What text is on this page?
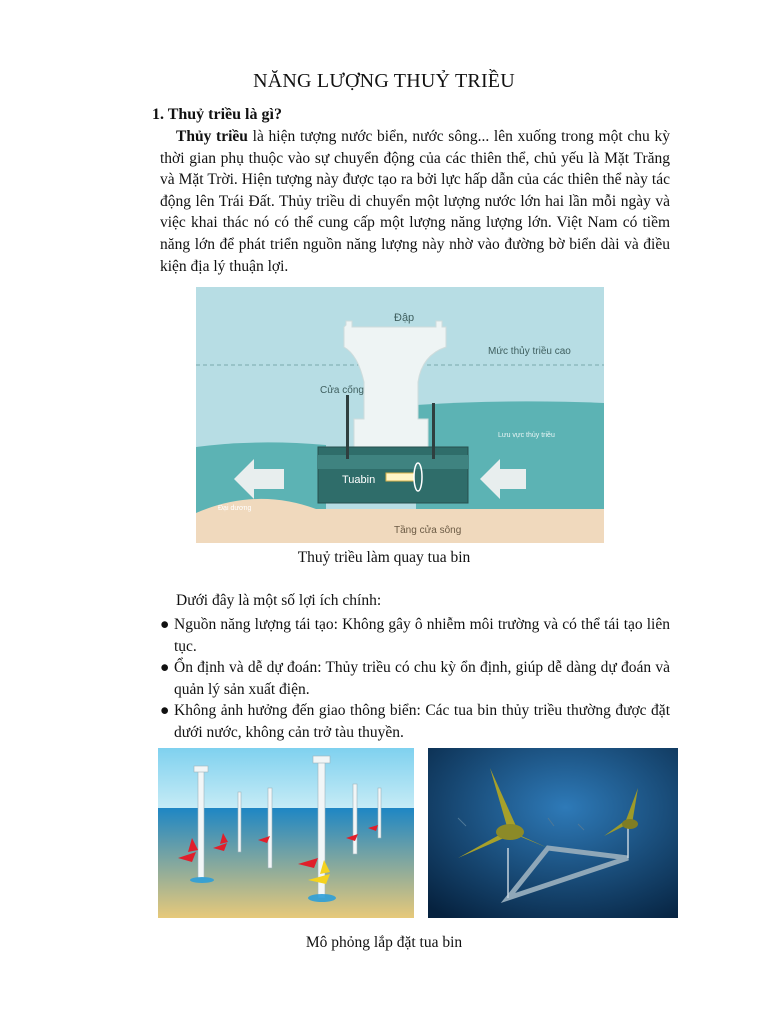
NĂNG LƯỢNG THUỶ TRIỀU
1. Thuỷ triều là gì?
Thủy triều là hiện tượng nước biển, nước sông... lên xuống trong một chu kỳ thời gian phụ thuộc vào sự chuyển động của các thiên thể, chủ yếu là Mặt Trăng và Mặt Trời. Hiện tượng này được tạo ra bởi lực hấp dẫn của các thiên thể này tác động lên Trái Đất. Thủy triều di chuyển một lượng nước lớn hai lần mỗi ngày và việc khai thác nó có thể cung cấp một lượng năng lượng lớn. Việt Nam có tiềm năng lớn để phát triển nguồn năng lượng này nhờ vào đường bờ biển dài và điều kiện địa lý thuận lợi.
Đập
Mức thủy triều cao
Cửa cống
Lưu vực thủy triều
Tuabin
Đại dương
Tầng cửa sông
Thuỷ triều làm quay tua bin
Dưới đây là một số lợi ích chính:
● Nguồn năng lượng tái tạo: Không gây ô nhiễm môi trường và có thể tái tạo liên tục.
● Ổn định và dễ dự đoán: Thủy triều có chu kỳ ổn định, giúp dễ dàng dự đoán và quản lý sản xuất điện.
● Không ảnh hưởng đến giao thông biển: Các tua bin thủy triều thường được đặt dưới nước, không cản trở tàu thuyền.
Mô phỏng lắp đặt tua bin
